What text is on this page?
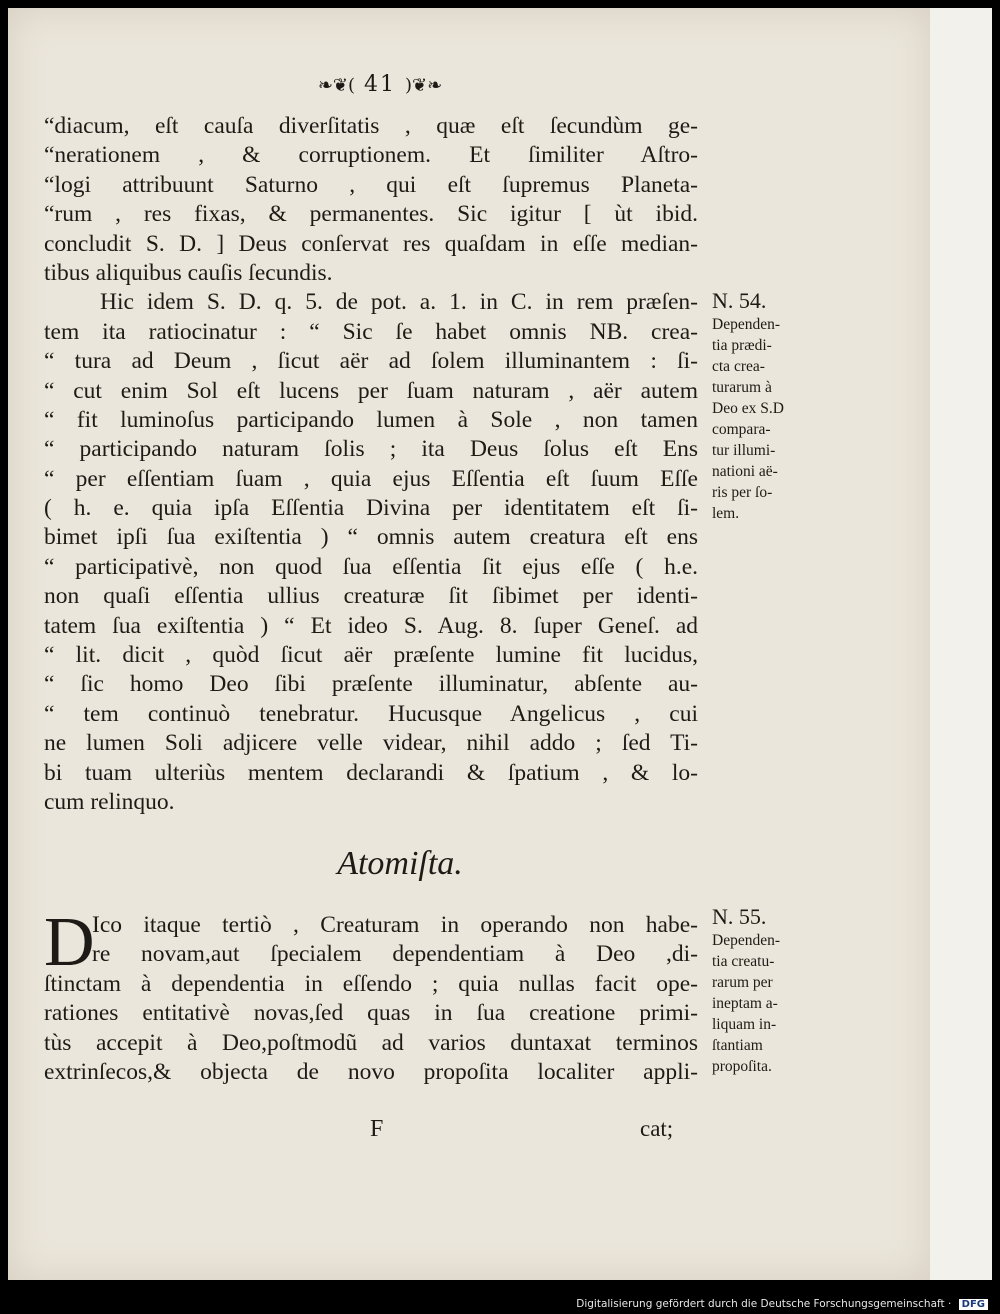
❧❦( 41 )❦❧
“diacum, eſt cauſa diverſitatis , quæ eſt ſecundùm ge-
“nerationem , & corruptionem. Et ſimiliter Aſtro-
“logi attribuunt Saturno , qui eſt ſupremus Planeta-
“rum , res fixas, & permanentes. Sic igitur [ ùt ibid.
concludit S. D. ] Deus conſervat res quaſdam in eſſe median-
tibus aliquibus cauſis ſecundis.
Hic idem S. D. q. 5. de pot. a. 1. in C. in rem præſen-
tem ita ratiocinatur : “ Sic ſe habet omnis NB. crea-
“ tura ad Deum , ſicut aër ad ſolem illuminantem : ſi-
“ cut enim Sol eſt lucens per ſuam naturam , aër autem
“ fit luminoſus participando lumen à Sole , non tamen
“ participando naturam ſolis ; ita Deus ſolus eſt Ens
“ per eſſentiam ſuam , quia ejus Eſſentia eſt ſuum Eſſe
( h. e. quia ipſa Eſſentia Divina per identitatem eſt ſi-
bimet ipſi ſua exiſtentia ) “ omnis autem creatura eſt ens
“ participativè, non quod ſua eſſentia ſit ejus eſſe ( h.e.
non quaſi eſſentia ullius creaturæ ſit ſibimet per identi-
tatem ſua exiſtentia ) “ Et ideo S. Aug. 8. ſuper Geneſ. ad
“ lit. dicit , quòd ſicut aër præſente lumine fit lucidus,
“ ſic homo Deo ſibi præſente illuminatur, abſente au-
“ tem continuò tenebratur. Hucusque Angelicus , cui
ne lumen Soli adjicere velle videar, nihil addo ; ſed Ti-
bi tuam ulteriùs mentem declarandi & ſpatium , & lo-
cum relinquo.
N. 54.
Dependen-
tia prædi-
cta crea-
turarum à
Deo ex S.D
compara-
tur illumi-
nationi aë-
ris per ſo-
lem.
Atomiſta.
D
Ico itaque tertiò , Creaturam in operando non habe-
re novam,aut ſpecialem dependentiam à Deo ,di-
ſtinctam à dependentia in eſſendo ; quia nullas facit ope-
rationes entitativè novas,ſed quas in ſua creatione primi-
tùs accepit à Deo,poſtmodũ ad varios duntaxat terminos
extrinſecos,& objecta de novo propoſita localiter appli-
N. 55.
Dependen-
tia creatu-
rarum per
ineptam a-
liquam in-
ſtantiam
propoſita.
F	cat;
Digitalisierung gefördert durch die Deutsche Forschungsgemeinschaft · DFG
